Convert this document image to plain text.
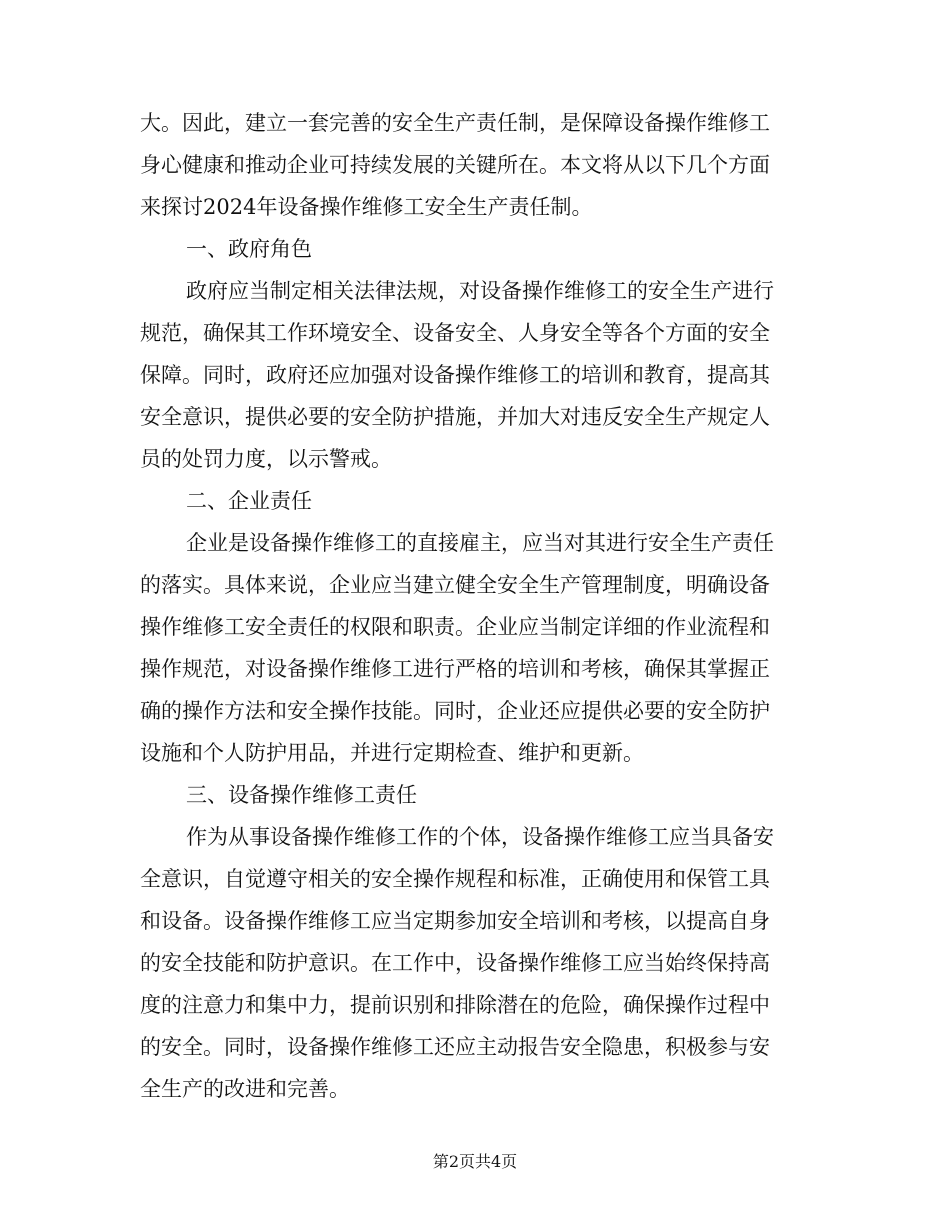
大。因此，建立一套完善的安全生产责任制，是保障设备操作维修工
身心健康和推动企业可持续发展的关键所在。本文将从以下几个方面
来探讨2024年设备操作维修工安全生产责任制。
一、政府角色
政府应当制定相关法律法规，对设备操作维修工的安全生产进行
规范，确保其工作环境安全、设备安全、人身安全等各个方面的安全
保障。同时，政府还应加强对设备操作维修工的培训和教育，提高其
安全意识，提供必要的安全防护措施，并加大对违反安全生产规定人
员的处罚力度，以示警戒。
二、企业责任
企业是设备操作维修工的直接雇主，应当对其进行安全生产责任
的落实。具体来说，企业应当建立健全安全生产管理制度，明确设备
操作维修工安全责任的权限和职责。企业应当制定详细的作业流程和
操作规范，对设备操作维修工进行严格的培训和考核，确保其掌握正
确的操作方法和安全操作技能。同时，企业还应提供必要的安全防护
设施和个人防护用品，并进行定期检查、维护和更新。
三、设备操作维修工责任
作为从事设备操作维修工作的个体，设备操作维修工应当具备安
全意识，自觉遵守相关的安全操作规程和标准，正确使用和保管工具
和设备。设备操作维修工应当定期参加安全培训和考核，以提高自身
的安全技能和防护意识。在工作中，设备操作维修工应当始终保持高
度的注意力和集中力，提前识别和排除潜在的危险，确保操作过程中
的安全。同时，设备操作维修工还应主动报告安全隐患，积极参与安
全生产的改进和完善。
第2页共4页
